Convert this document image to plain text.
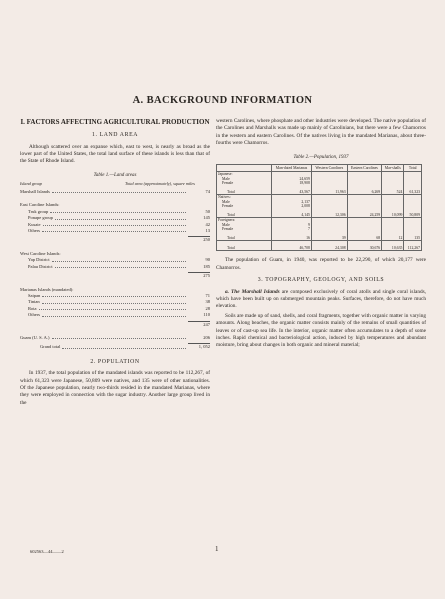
A. BACKGROUND INFORMATION
I. FACTORS AFFECTING AGRICULTURAL PRODUCTION
1. LAND AREA

Although scattered over an expanse which, east to west, is nearly as broad as the lower part of the United States, the total land surface of these islands is less than that of the State of Rhode Island.

Table 1.—Land areas
Island group	Total area (approximately), square miles
Marshall Islands	74
East Caroline Islands:
Truk group	50
Ponape group	145
Kusaie	42
Others	13
250
West Caroline Islands:
Yap District	90
Palau District	185
275
Marianas Islands (mandated):
Saipan	71
Tinian	38
Rota	28
Others	110
247
Guam (U. S. A.)	206
Grand total	1, 052
2. POPULATION

In 1937, the total population of the mandated islands was reported to be 112,267, of which 61,323 were Japanese, 50,809 were natives, and 135 were of other nationalities. Of the Japanese population, nearly two-thirds resided in the mandated Marianas, where they were employed in connection with the sugar industry. Another large group lived in the

western Carolines, where phosphate and other industries were developed. The native population of the Carolines and Marshalls was made up mainly of Carolinians, but there were a few Chamorros in the western and eastern Carolines. Of the natives living in the mandated Marianas, about three-fourths were Chamorros.

Table 2.—Population, 1937
	Man-dated Marianas	Western Carolines	Eastern Carolines	Mar-shalls	Total
Japanese:					
Male	24,659				
Female	18,908				

Total	43,567	11,963	6,269	524	61,323
Natives:					
Male	2,137				
Female	2,008				

Total	4,145	12,306	24,259	10,099	50,809
Foreigners:					
Male	9				
Female	7				

Total	16	39	68	12	135

Total	46,708	24,308	30,676	10,635	112,267

The population of Guam, in 1940, was reported to be 22,290, of which 20,177 were Chamorros.

3. TOPOGRAPHY, GEOLOGY, AND SOILS

a. The Marshall Islands are composed exclusively of coral atolls and single coral islands, which have been built up on submerged mountain peaks. Surfaces, therefore, do not have much elevation.

Soils are made up of sand, shells, and coral fragments, together with organic matter in varying amounts. Along beaches, the organic matter consists mainly of the remains of small quantities of leaves or of cast-up sea life. In the interior, organic matter often accumulates to a depth of some inches. Rapid chemical and bacteriological action, induced by high temperatures and abundant moisture, bring about changes in both organic and mineral material;

602563—44——2	1
